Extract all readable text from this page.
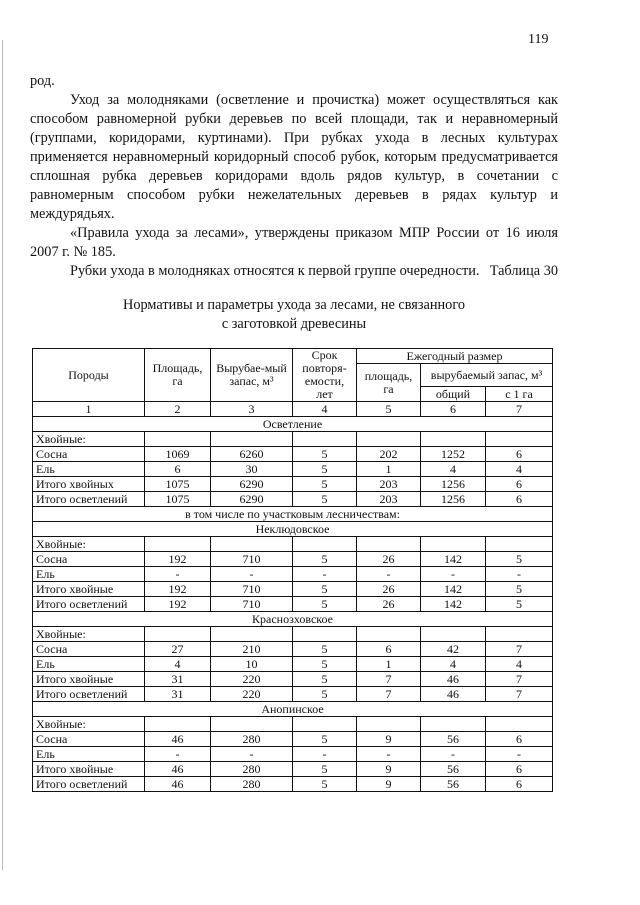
119

род.

Уход за молодняками (осветление и прочистка) может осуществляться как способом равномерной рубки деревьев по всей площади, так и неравномерный (группами, коридорами, куртинами). При рубках ухода в лесных культурах применяется неравномерный коридорный способ рубок, которым предусматривается сплошная рубка деревьев коридорами вдоль рядов культур, в сочетании с равномерным способом рубки нежелательных деревьев в рядах культур и междурядьях.

«Правила ухода за лесами», утверждены приказом МПР России от 16 июля 2007 г. № 185.

Рубки ухода в молодняках относятся к первой группе очередности. Таблица 30
Нормативы и параметры ухода за лесами, не связанного
с заготовкой древесины
Породы	Площадь, га	Вырубае-мый запас, м³	Срок повторя-емости, лет	Ежегодный размер		
				площадь, га	вырубаемый запас, м³	
					общий	с 1 га
1	2	3	4	5	6	7
Осветление						
Хвойные:						
Сосна	1069	6260	5	202	1252	6
Ель	6	30	5	1	4	4
Итого хвойных	1075	6290	5	203	1256	6
Итого осветлений	1075	6290	5	203	1256	6
в том числе по участковым лесничествам:						
Неклюдовское						
Хвойные:						
Сосна	192	710	5	26	142	5
Ель	-	-	-	-	-	-
Итого хвойные	192	710	5	26	142	5
Итого осветлений	192	710	5	26	142	5
Краснозховское						
Хвойные:						
Сосна	27	210	5	6	42	7
Ель	4	10	5	1	4	4
Итого хвойные	31	220	5	7	46	7
Итого осветлений	31	220	5	7	46	7
Анопинское						
Хвойные:						
Сосна	46	280	5	9	56	6
Ель	-	-	-	-	-	-
Итого хвойные	46	280	5	9	56	6
Итого осветлений	46	280	5	9	56	6
